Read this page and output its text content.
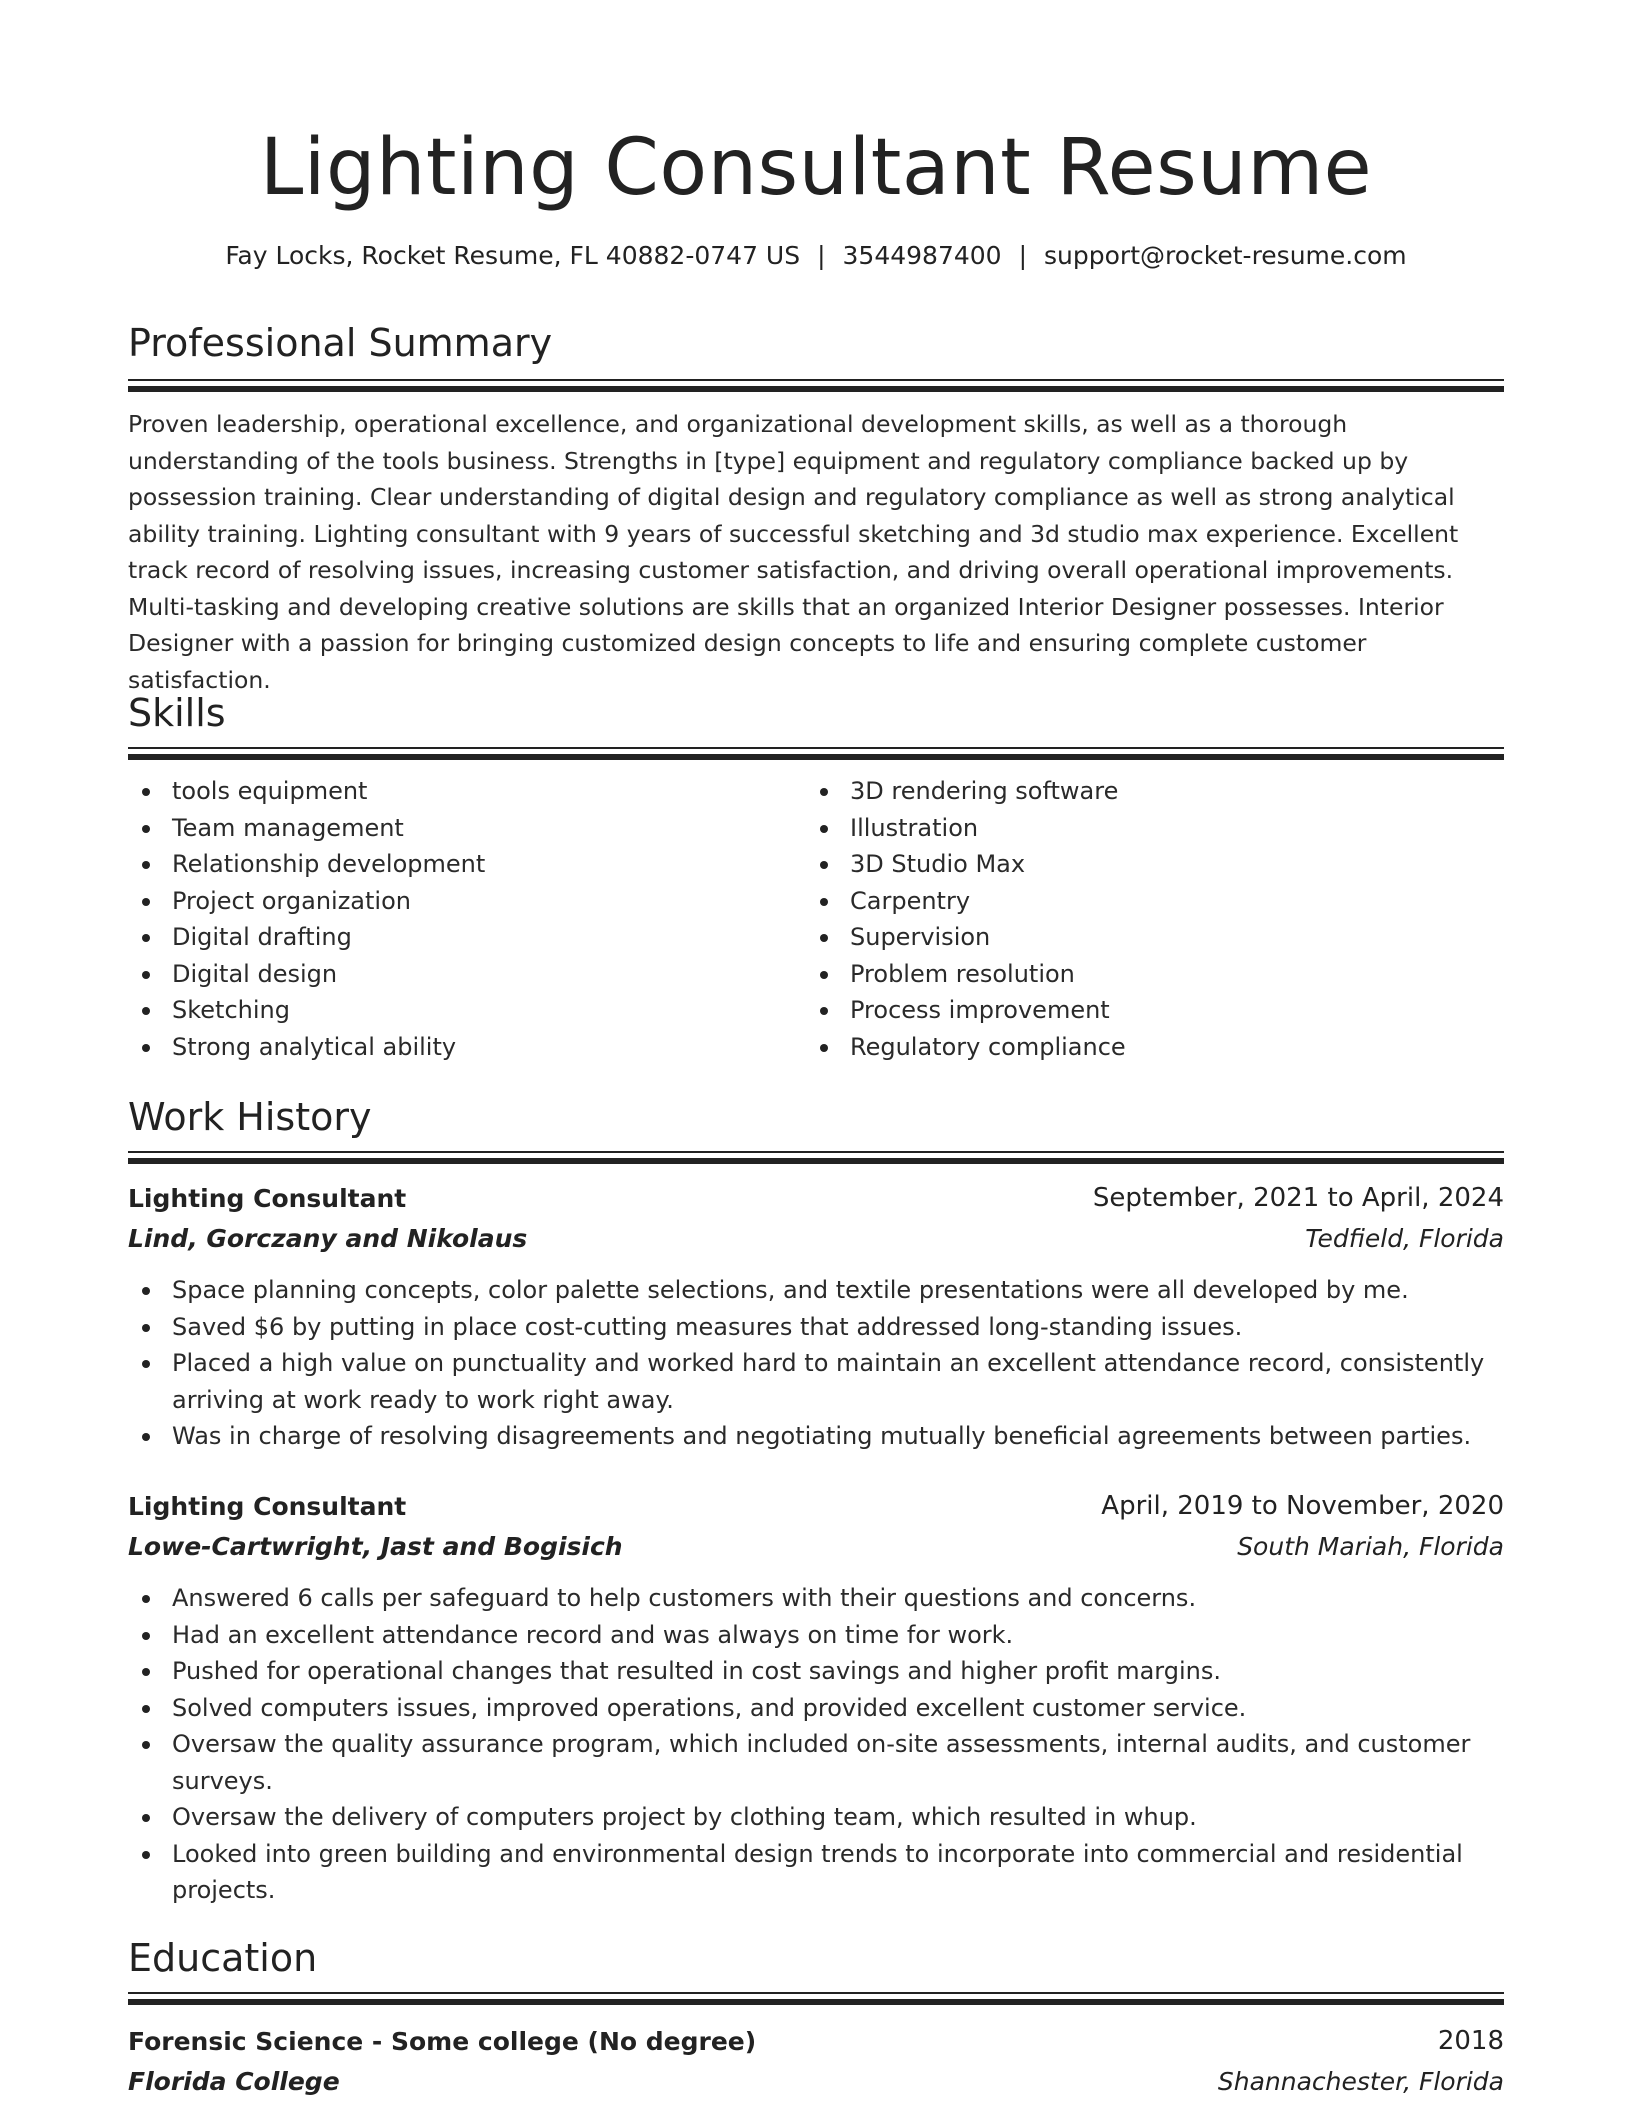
Lighting Consultant Resume
Fay Locks, Rocket Resume, FL 40882-0747 US | 3544987400 | support@rocket-resume.com
Professional Summary

Proven leadership, operational excellence, and organizational development skills, as well as a thorough understanding of the tools business. Strengths in [type] equipment and regulatory compliance backed up by possession training. Clear understanding of digital design and regulatory compliance as well as strong analytical ability training. Lighting consultant with 9 years of successful sketching and 3d studio max experience. Excellent track record of resolving issues, increasing customer satisfaction, and driving overall operational improvements. Multi-tasking and developing creative solutions are skills that an organized Interior Designer possesses. Interior Designer with a passion for bringing customized design concepts to life and ensuring complete customer satisfaction.

Skills
tools equipment
Team management
Relationship development
Project organization
Digital drafting
Digital design
Sketching
Strong analytical ability
3D rendering software
Illustration
3D Studio Max
Carpentry
Supervision
Problem resolution
Process improvement
Regulatory compliance
Work History
Lighting Consultant	September, 2021 to April, 2024
Lind, Gorczany and Nikolaus	Tedfield, Florida
Space planning concepts, color palette selections, and textile presentations were all developed by me.
Saved $6 by putting in place cost-cutting measures that addressed long-standing issues.
Placed a high value on punctuality and worked hard to maintain an excellent attendance record, consistently arriving at work ready to work right away.
Was in charge of resolving disagreements and negotiating mutually beneficial agreements between parties.
Lighting Consultant	April, 2019 to November, 2020
Lowe-Cartwright, Jast and Bogisich	South Mariah, Florida
Answered 6 calls per safeguard to help customers with their questions and concerns.
Had an excellent attendance record and was always on time for work.
Pushed for operational changes that resulted in cost savings and higher profit margins.
Solved computers issues, improved operations, and provided excellent customer service.
Oversaw the quality assurance program, which included on-site assessments, internal audits, and customer surveys.
Oversaw the delivery of computers project by clothing team, which resulted in whup.
Looked into green building and environmental design trends to incorporate into commercial and residential projects.
Education
Forensic Science - Some college (No degree)	2018
Florida College	Shannachester, Florida
